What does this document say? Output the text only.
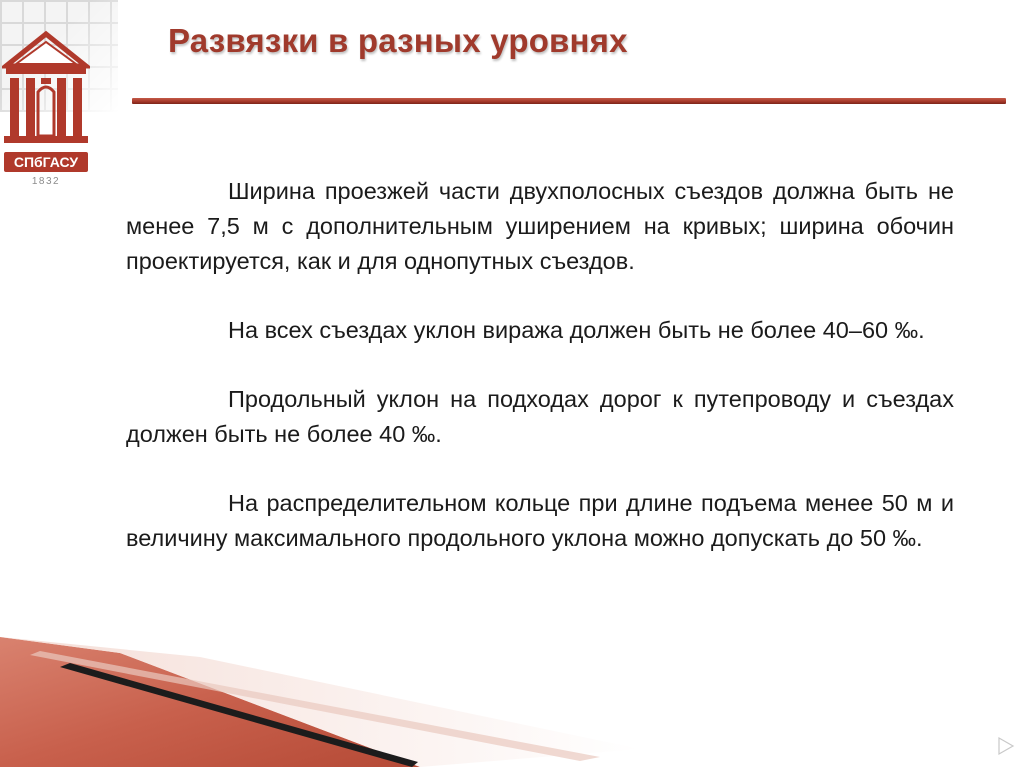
СПбГАСУ
1832
Развязки в разных уровнях

Ширина проезжей части двухполосных съездов должна быть не менее 7,5 м с дополнительным уширением на кривых; ширина обочин проектируется, как и для однопутных съездов.

На всех съездах уклон виража должен быть не более 40–60 ‰.

Продольный уклон на подходах дорог к путепроводу и съездах должен быть не более 40 ‰.

На распределительном кольце при длине подъема менее 50 м и величину максимального продольного уклона можно допускать до 50 ‰.
